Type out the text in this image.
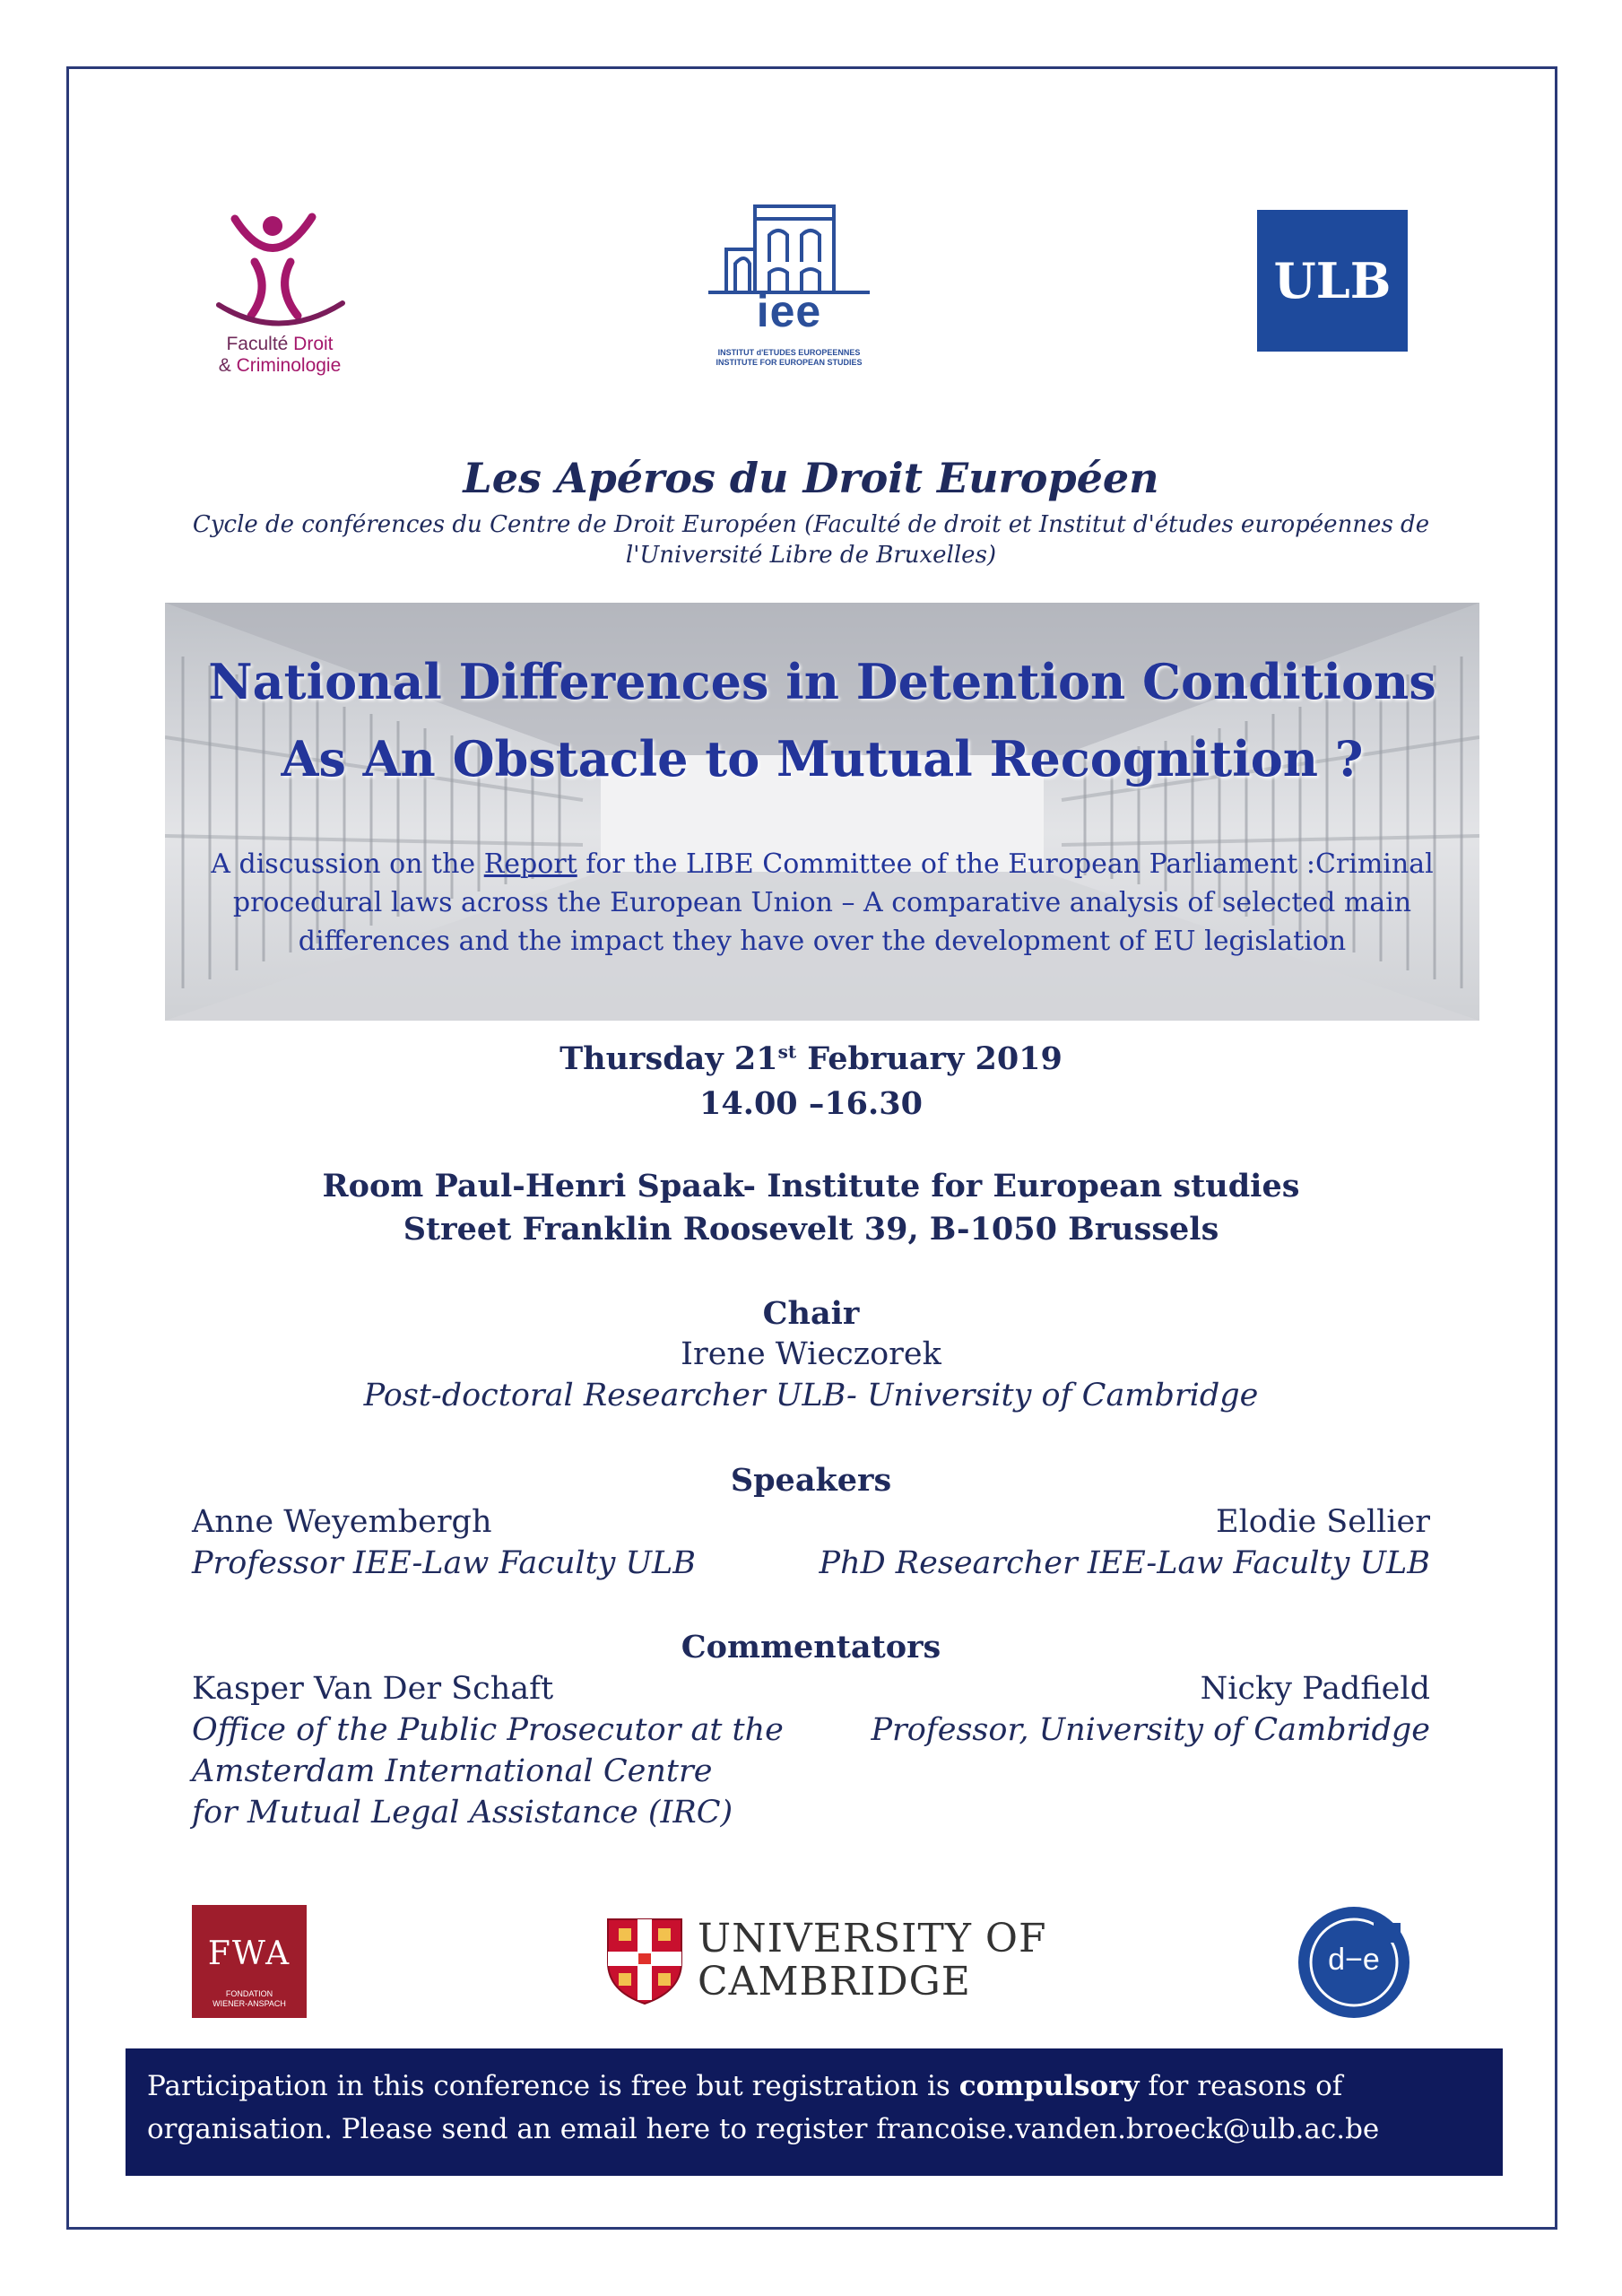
Faculté Droit
& Criminologie
iee
INSTITUT d'ETUDES EUROPEENNES
INSTITUTE FOR EUROPEAN STUDIES
ULB
Les Apéros du Droit Européen
Cycle de conférences du Centre de Droit Européen (Faculté de droit et Institut d'études européennes de
l'Université Libre de Bruxelles)
National Differences in Detention Conditions
As An Obstacle to Mutual Recognition ?
A discussion on the Report for the LIBE Committee of the European Parliament :Criminal
procedural laws across the European Union – A comparative analysis of selected main
differences and the impact they have over the development of EU legislation
Thursday 21st February 2019
14.00 –16.30
Room Paul-Henri Spaak- Institute for European studies
Street Franklin Roosevelt 39, B-1050 Brussels
Chair
Irene Wieczorek
Post-doctoral Researcher ULB- University of Cambridge
Speakers
Anne Weyembergh
Professor IEE-Law Faculty ULB
Elodie Sellier
PhD Researcher IEE-Law Faculty ULB
Commentators
Kasper Van Der Schaft
Office of the Public Prosecutor at the
Amsterdam International Centre
for Mutual Legal Assistance (IRC)
Nicky Padfield
Professor, University of Cambridge
FWA
FONDATION
WIENER-ANSPACH
UNIVERSITY OF
CAMBRIDGE	d−e
Participation in this conference is free but registration is compulsory for reasons of
organisation. Please send an email here to register francoise.vanden.broeck@ulb.ac.be
